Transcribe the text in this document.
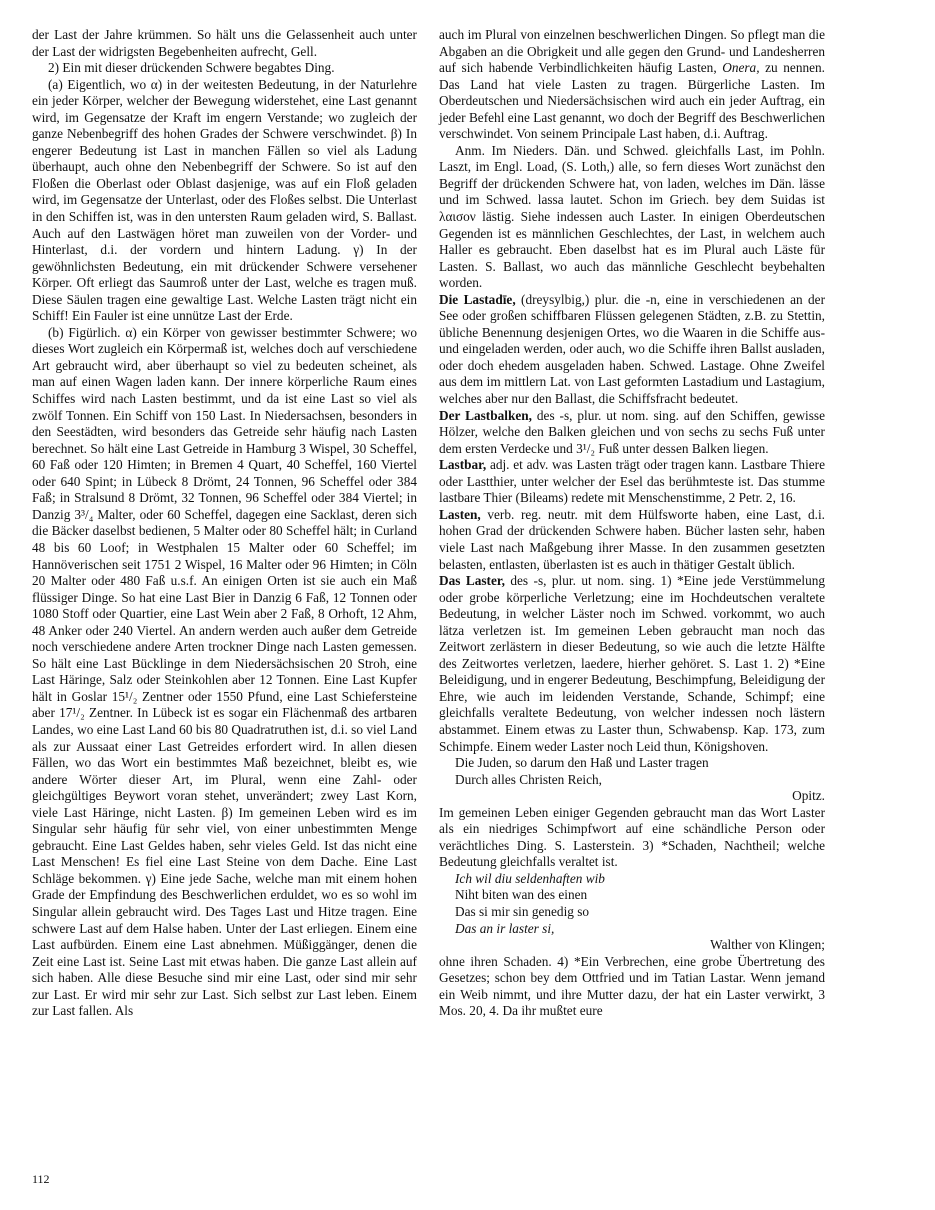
der Last der Jahre krümmen. So hält uns die Gelassenheit auch unter der Last der widrigsten Begebenheiten aufrecht, Gell.

2) Ein mit dieser drückenden Schwere begabtes Ding.

(a) Eigentlich, wo α) in der weitesten Bedeutung, in der Naturlehre ein jeder Körper, welcher der Bewegung widerstehet, eine Last genannt wird, im Gegensatze der Kraft im engern Verstande; wo zugleich der ganze Nebenbegriff des hohen Grades der Schwere verschwindet. β) In engerer Bedeutung ist Last in manchen Fällen so viel als Ladung überhaupt, auch ohne den Nebenbegriff der Schwere. So ist auf den Floßen die Oberlast oder Oblast dasjenige, was auf ein Floß geladen wird, im Gegensatze der Unterlast, oder des Floßes selbst. Die Unterlast in den Schiffen ist, was in den untersten Raum geladen wird, S. Ballast. Auch auf den Lastwägen höret man zuweilen von der Vorder- und Hinterlast, d.i. der vordern und hintern Ladung. γ) In der gewöhnlichsten Bedeutung, ein mit drückender Schwere versehener Körper. Oft erliegt das Saumroß unter der Last, welche es tragen muß. Diese Säulen tragen eine gewaltige Last. Welche Lasten trägt nicht ein Schiff! Ein Fauler ist eine unnütze Last der Erde.

(b) Figürlich. α) ein Körper von gewisser bestimmter Schwere; wo dieses Wort zugleich ein Körpermaß ist, welches doch auf verschiedene Art gebraucht wird, aber überhaupt so viel zu bedeuten scheinet, als man auf einen Wagen laden kann. Der innere körperliche Raum eines Schiffes wird nach Lasten bestimmt, und da ist eine Last so viel als zwölf Tonnen. Ein Schiff von 150 Last. In Niedersachsen, besonders in den Seestädten, wird besonders das Getreide sehr häufig nach Lasten berechnet. So hält eine Last Getreide in Hamburg 3 Wispel, 30 Scheffel, 60 Faß oder 120 Himten; in Bremen 4 Quart, 40 Scheffel, 160 Viertel oder 640 Spint; in Lübeck 8 Drömt, 24 Tonnen, 96 Scheffel oder 384 Faß; in Stralsund 8 Drömt, 32 Tonnen, 96 Scheffel oder 384 Viertel; in Danzig 3³/₄ Malter, oder 60 Scheffel, dagegen eine Sacklast, deren sich die Bäcker daselbst bedienen, 5 Malter oder 80 Scheffel hält; in Curland 48 bis 60 Loof; in Westphalen 15 Malter oder 60 Scheffel; im Hannöverischen seit 1751 2 Wispel, 16 Malter oder 96 Himten; in Cöln 20 Malter oder 480 Faß u.s.f. An einigen Orten ist sie auch ein Maß flüssiger Dinge. So hat eine Last Bier in Danzig 6 Faß, 12 Tonnen oder 1080 Stoff oder Quartier, eine Last Wein aber 2 Faß, 8 Orhoft, 12 Ahm, 48 Anker oder 240 Viertel. An andern werden auch außer dem Getreide noch verschiedene andere Arten trockner Dinge nach Lasten gemessen. So hält eine Last Bücklinge in dem Niedersächsischen 20 Stroh, eine Last Häringe, Salz oder Steinkohlen aber 12 Tonnen. Eine Last Kupfer hält in Goslar 15¹/₂ Zentner oder 1550 Pfund, eine Last Schiefersteine aber 17¹/₂ Zentner. In Lübeck ist es sogar ein Flächenmaß des artbaren Landes, wo eine Last Land 60 bis 80 Quadratruthen ist, d.i. so viel Land als zur Aussaat einer Last Getreides erfordert wird. In allen diesen Fällen, wo das Wort ein bestimmtes Maß bezeichnet, bleibt es, wie andere Wörter dieser Art, im Plural, wenn eine Zahl- oder gleichgültiges Beywort voran stehet, unverändert; zwey Last Korn, viele Last Häringe, nicht Lasten. β) Im gemeinen Leben wird es im Singular sehr häufig für sehr viel, von einer unbestimmten Menge gebraucht. Eine Last Geldes haben, sehr vieles Geld. Ist das nicht eine Last Menschen! Es fiel eine Last Steine von dem Dache. Eine Last Schläge bekommen. γ) Eine jede Sache, welche man mit einem hohen Grade der Empfindung des Beschwerlichen erduldet, wo es so wohl im Singular allein gebraucht wird. Des Tages Last und Hitze tragen. Eine schwere Last auf dem Halse haben. Unter der Last erliegen. Einem eine Last aufbürden. Einem eine Last abnehmen. Müßiggänger, denen die Zeit eine Last ist. Seine Last mit etwas haben. Die ganze Last allein auf sich haben. Alle diese Besuche sind mir eine Last, oder sind mir sehr zur Last. Er wird mir sehr zur Last. Sich selbst zur Last leben. Einem zur Last fallen. Als

auch im Plural von einzelnen beschwerlichen Dingen. So pflegt man die Abgaben an die Obrigkeit und alle gegen den Grund- und Landesherren auf sich habende Verbindlichkeiten häufig Lasten, Onera, zu nennen. Das Land hat viele Lasten zu tragen. Bürgerliche Lasten. Im Oberdeutschen und Niedersächsischen wird auch ein jeder Auftrag, ein jeder Befehl eine Last genannt, wo doch der Begriff des Beschwerlichen verschwindet. Von seinem Principale Last haben, d.i. Auftrag.

Anm. Im Nieders. Dän. und Schwed. gleichfalls Last, im Pohln. Laszt, im Engl. Load, (S. Loth,) alle, so fern dieses Wort zunächst den Begriff der drückenden Schwere hat, von laden, welches im Dän. lässe und im Schwed. lassa lautet. Schon im Griech. bey dem Suidas ist λαισον lästig. Siehe indessen auch Laster. In einigen Oberdeutschen Gegenden ist es männlichen Geschlechtes, der Last, in welchem auch Haller es gebraucht. Eben daselbst hat es im Plural auch Läste für Lasten. S. Ballast, wo auch das männliche Geschlecht beybehalten worden.

Die Lastadīe, (dreysylbig,) plur. die -n, eine in verschiedenen an der See oder großen schiffbaren Flüssen gelegenen Städten, z.B. zu Stettin, übliche Benennung desjenigen Ortes, wo die Waaren in die Schiffe aus- und eingeladen werden, oder auch, wo die Schiffe ihren Ballst ausladen, oder doch ehedem ausgeladen haben. Schwed. Lastage. Ohne Zweifel aus dem im mittlern Lat. von Last geformten Lastadium und Lastagium, welches aber nur den Ballast, die Schiffsfracht bedeutet.

Der Lastbalken, des -s, plur. ut nom. sing. auf den Schiffen, gewisse Hölzer, welche den Balken gleichen und von sechs zu sechs Fuß unter dem ersten Verdecke und 3¹/₂ Fuß unter dessen Balken liegen.

Lastbar, adj. et adv. was Lasten trägt oder tragen kann. Lastbare Thiere oder Lastthier, unter welcher der Esel das berühmteste ist. Das stumme lastbare Thier (Bileams) redete mit Menschenstimme, 2 Petr. 2, 16.

Lasten, verb. reg. neutr. mit dem Hülfsworte haben, eine Last, d.i. hohen Grad der drückenden Schwere haben. Bücher lasten sehr, haben viele Last nach Maßgebung ihrer Masse. In den zusammen gesetzten belasten, entlasten, überlasten ist es auch in thätiger Gestalt üblich.

Das Laster, des -s, plur. ut nom. sing. 1) *Eine jede Verstümmelung oder grobe körperliche Verletzung; eine im Hochdeutschen veraltete Bedeutung, in welcher Läster noch im Schwed. vorkommt, wo auch lätza verletzen ist. Im gemeinen Leben gebraucht man noch das Zeitwort zerlästern in dieser Bedeutung, so wie auch die letzte Hälfte des Zeitwortes verletzen, laedere, hierher gehöret. S. Last 1. 2) *Eine Beleidigung, und in engerer Bedeutung, Beschimpfung, Beleidigung der Ehre, wie auch im leidenden Verstande, Schande, Schimpf; eine gleichfalls veraltete Bedeutung, von welcher indessen noch lästern abstammet. Einem etwas zu Laster thun, Schwabensp. Kap. 173, zum Schimpfe. Einem weder Laster noch Leid thun, Königshoven.

Die Juden, so darum den Haß und Laster tragen
Durch alles Christen Reich,
Opitz.

Im gemeinen Leben einiger Gegenden gebraucht man das Wort Laster als ein niedriges Schimpfwort auf eine schändliche Person oder verächtliches Ding. S. Lasterstein. 3) *Schaden, Nachtheil; welche Bedeutung gleichfalls veraltet ist.

Ich wil diu seldenhaften wib
Niht biten wan des einen
Das si mir sin genedig so
Das an ir laster si,
Walther von Klingen;

ohne ihren Schaden. 4) *Ein Verbrechen, eine grobe Übertretung des Gesetzes; schon bey dem Ottfried und im Tatian Lastar. Wenn jemand ein Weib nimmt, und ihre Mutter dazu, der hat ein Laster verwirkt, 3 Mos. 20, 4. Da ihr mußtet eure

112
